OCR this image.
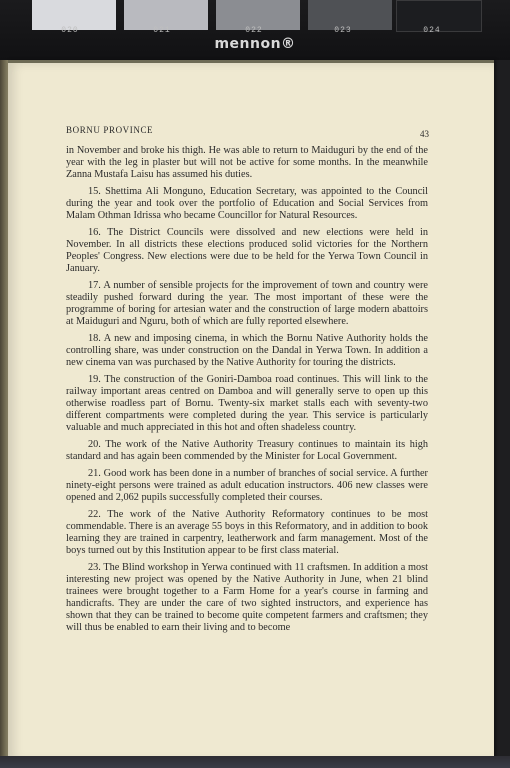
020	021	022	023	024
mennon®
BORNU PROVINCE	43

in November and broke his thigh. He was able to return to Maiduguri by the end of the year with the leg in plaster but will not be active for some months. In the meanwhile Zanna Mustafa Laisu has assumed his duties.

15. Shettima Ali Monguno, Education Secretary, was appointed to the Council during the year and took over the portfolio of Education and Social Services from Malam Othman Idrissa who became Councillor for Natural Resources.

16. The District Councils were dissolved and new elections were held in November. In all districts these elections produced solid victories for the Northern Peoples' Congress. New elections were due to be held for the Yerwa Town Council in January.

17. A number of sensible projects for the improvement of town and country were steadily pushed forward during the year. The most important of these were the programme of boring for artesian water and the construction of large modern abattoirs at Maiduguri and Nguru, both of which are fully reported elsewhere.

18. A new and imposing cinema, in which the Bornu Native Authority holds the controlling share, was under construction on the Dandal in Yerwa Town. In addition a new cinema van was purchased by the Native Authority for touring the districts.

19. The construction of the Goniri-Damboa road continues. This will link to the railway important areas centred on Damboa and will generally serve to open up this otherwise roadless part of Bornu. Twenty-six market stalls each with seventy-two different compartments were completed during the year. This service is particularly valuable and much appreciated in this hot and often shadeless country.

20. The work of the Native Authority Treasury continues to maintain its high standard and has again been commended by the Minister for Local Government.

21. Good work has been done in a number of branches of social service. A further ninety-eight persons were trained as adult education instructors. 406 new classes were opened and 2,062 pupils successfully completed their courses.

22. The work of the Native Authority Reformatory continues to be most commendable. There is an average 55 boys in this Reformatory, and in addition to book learning they are trained in carpentry, leatherwork and farm management. Most of the boys turned out by this Institution appear to be first class material.

23. The Blind workshop in Yerwa continued with 11 craftsmen. In addition a most interesting new project was opened by the Native Authority in June, when 21 blind trainees were brought together to a Farm Home for a year's course in farming and handicrafts. They are under the care of two sighted instructors, and experience has shown that they can be trained to become quite competent farmers and craftsmen; they will thus be enabled to earn their living and to become
